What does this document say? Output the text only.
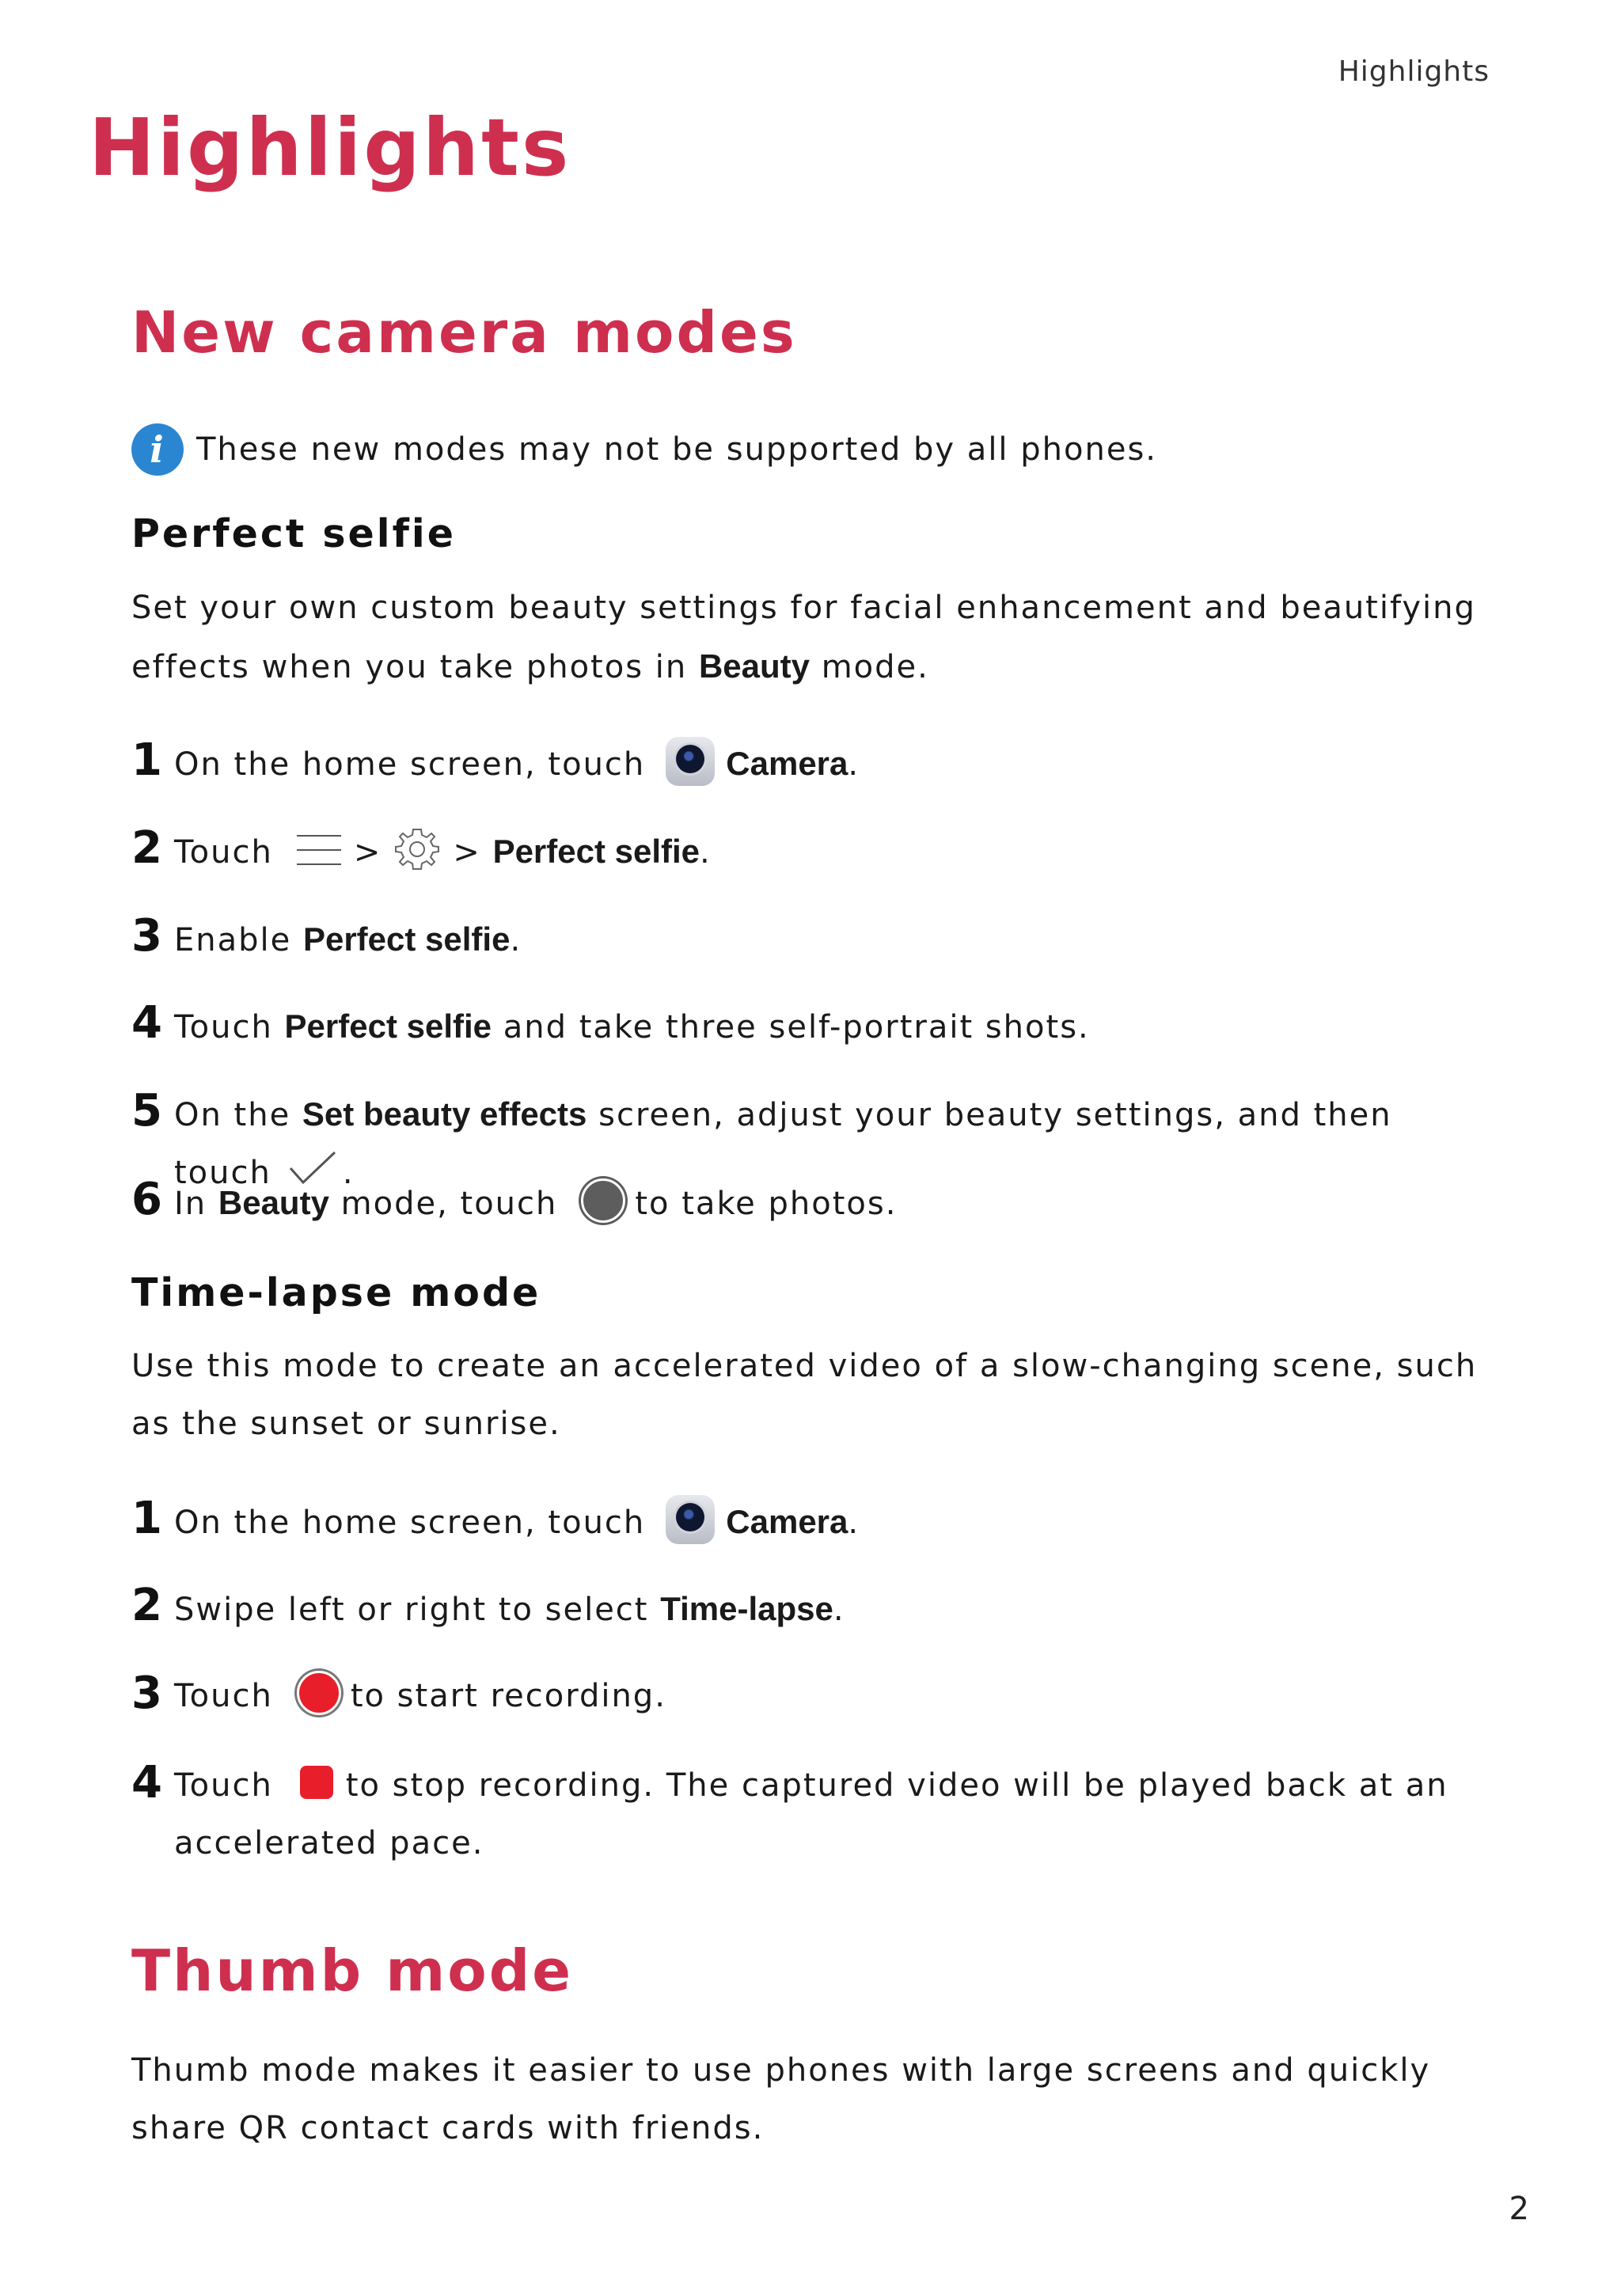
Highlights
Highlights
New camera modes
i These new modes may not be supported by all phones.
Perfect selfie

Set your own custom beauty settings for facial enhancement and beautifying effects when you take photos in Beauty mode.

1 On the home screen, touch Camera.
2 Touch	> > Perfect selfie.
3 Enable Perfect selfie.
4 Touch Perfect selfie and take three self-portrait shots.
5 On the Set beauty effects screen, adjust your beauty settings, and then touch .
6 In Beauty mode, touch to take photos.
Time-lapse mode

Use this mode to create an accelerated video of a slow-changing scene, such as the sunset or sunrise.

1 On the home screen, touch Camera.
2 Swipe left or right to select Time-lapse.
3 Touch to start recording.
4 Touch to stop recording. The captured video will be played back at an accelerated pace.
Thumb mode

Thumb mode makes it easier to use phones with large screens and quickly share QR contact cards with friends.

2
